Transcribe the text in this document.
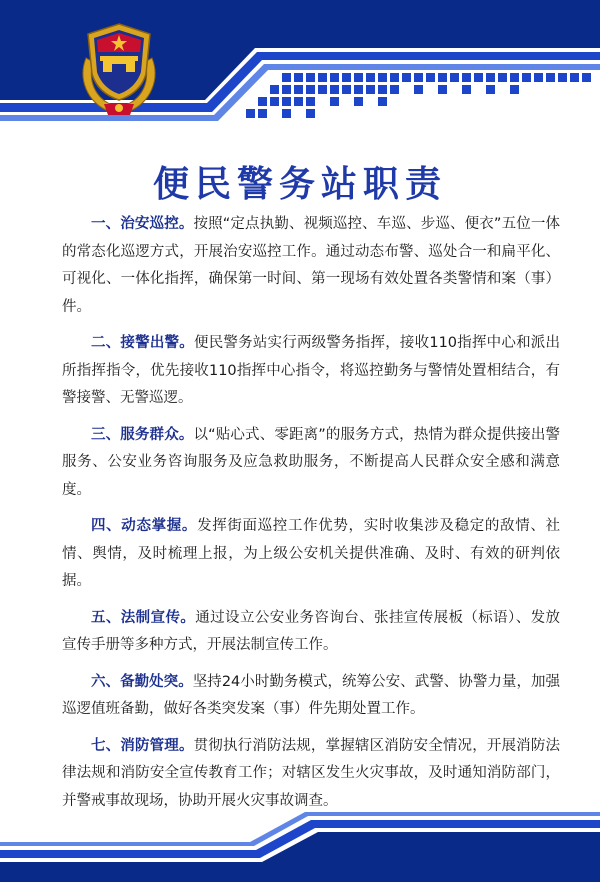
便民警务站职责

一、治安巡控。按照“定点执勤、视频巡控、车巡、步巡、便衣”五位一体的常态化巡逻方式，开展治安巡控工作。通过动态布警、巡处合一和扁平化、可视化、一体化指挥，确保第一时间、第一现场有效处置各类警情和案（事）件。

二、接警出警。便民警务站实行两级警务指挥，接收110指挥中心和派出所指挥指令，优先接收110指挥中心指令，将巡控勤务与警情处置相结合，有警接警、无警巡逻。

三、服务群众。以“贴心式、零距离”的服务方式，热情为群众提供接出警服务、公安业务咨询服务及应急救助服务，不断提高人民群众安全感和满意度。

四、动态掌握。发挥街面巡控工作优势，实时收集涉及稳定的敌情、社情、舆情，及时梳理上报，为上级公安机关提供准确、及时、有效的研判依据。

五、法制宣传。通过设立公安业务咨询台、张挂宣传展板（标语）、发放宣传手册等多种方式，开展法制宣传工作。

六、备勤处突。坚持24小时勤务模式，统筹公安、武警、协警力量，加强巡逻值班备勤，做好各类突发案（事）件先期处置工作。

七、消防管理。贯彻执行消防法规，掌握辖区消防安全情况，开展消防法律法规和消防安全宣传教育工作；对辖区发生火灾事故，及时通知消防部门，并警戒事故现场，协助开展火灾事故调查。
